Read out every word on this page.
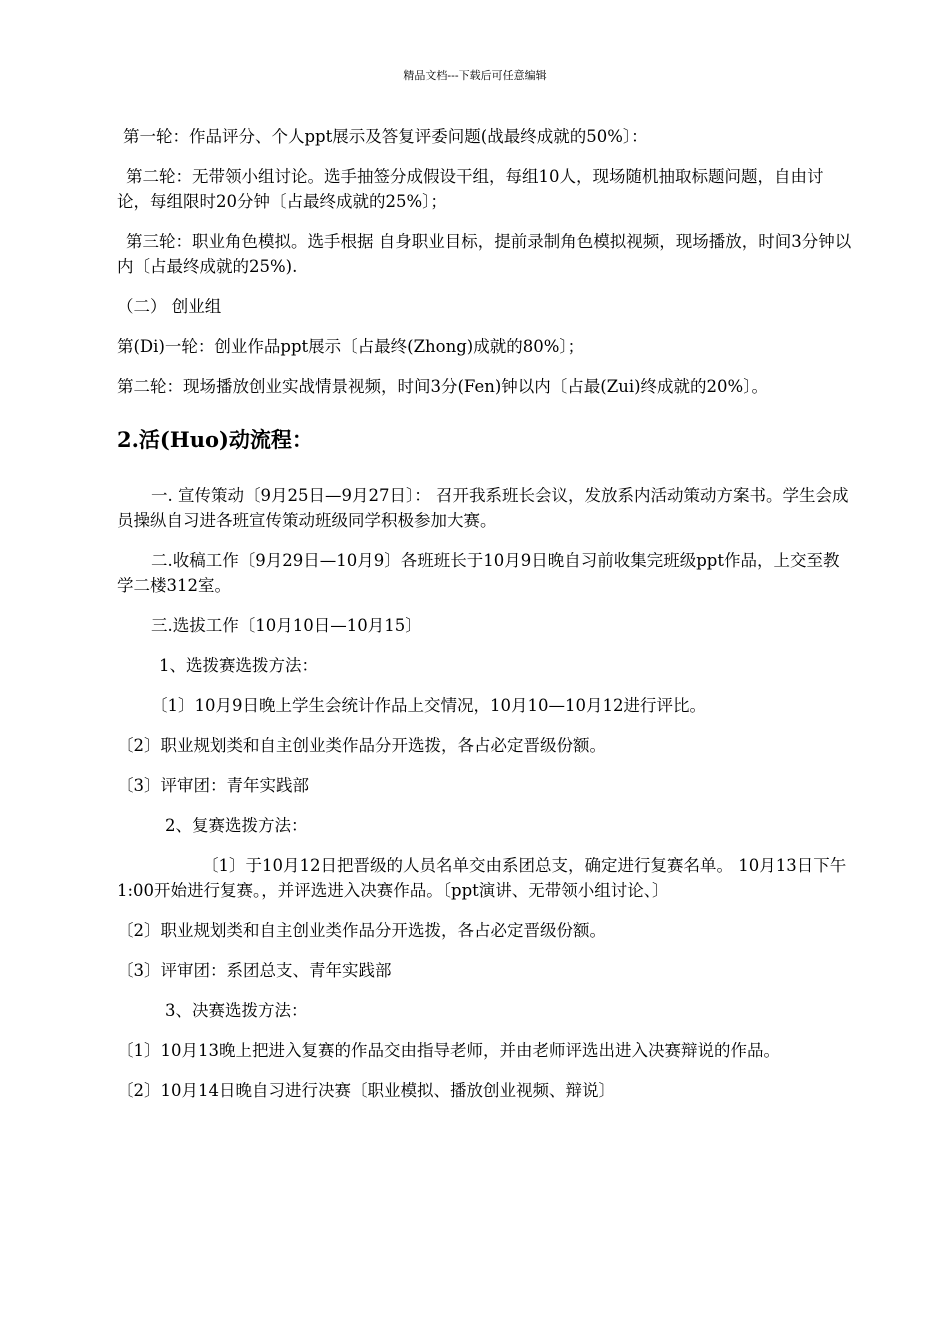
精品文档---下载后可任意编辑
第一轮：作品评分、个人ppt展示及答复评委问题(战最终成就的50%〕：
第二轮：无带领小组讨论。选手抽签分成假设干组，每组10人，现场随机抽取标题问题，自由讨论，每组限时20分钟〔占最终成就的25%〕；
第三轮：职业角色模拟。选手根据 自身职业目标，提前录制角色模拟视频，现场播放，时间3分钟以内〔占最终成就的25%).
（二） 创业组
第(Di)一轮：创业作品ppt展示〔占最终(Zhong)成就的80%〕；
第二轮：现场播放创业实战情景视频，时间3分(Fen)钟以内〔占最(Zui)终成就的20%〕。
2.活(Huo)动流程：
一. 宣传策动〔9月25日—9月27日〕： 召开我系班长会议，发放系内活动策动方案书。学生会成员操纵自习进各班宣传策动班级同学积极参加大赛。
二.收稿工作〔9月29日—10月9〕各班班长于10月9日晚自习前收集完班级ppt作品，上交至教学二楼312室。
三.选拔工作〔10月10日—10月15〕
1、选拨赛选拨方法：
〔1〕10月9日晚上学生会统计作品上交情况，10月10—10月12进行评比。
〔2〕职业规划类和自主创业类作品分开选拨，各占必定晋级份额。
〔3〕评审团：青年实践部
2、复赛选拨方法：
〔1〕于10月12日把晋级的人员名单交由系团总支，确定进行复赛名单。 10月13日下午1:00开始进行复赛。，并评选进入决赛作品。〔ppt演讲、无带领小组讨论、〕
〔2〕职业规划类和自主创业类作品分开选拨，各占必定晋级份额。
〔3〕评审团：系团总支、青年实践部
3、决赛选拨方法：
〔1〕10月13晚上把进入复赛的作品交由指导老师，并由老师评选出进入决赛辩说的作品。
〔2〕10月14日晚自习进行决赛〔职业模拟、播放创业视频、辩说〕
